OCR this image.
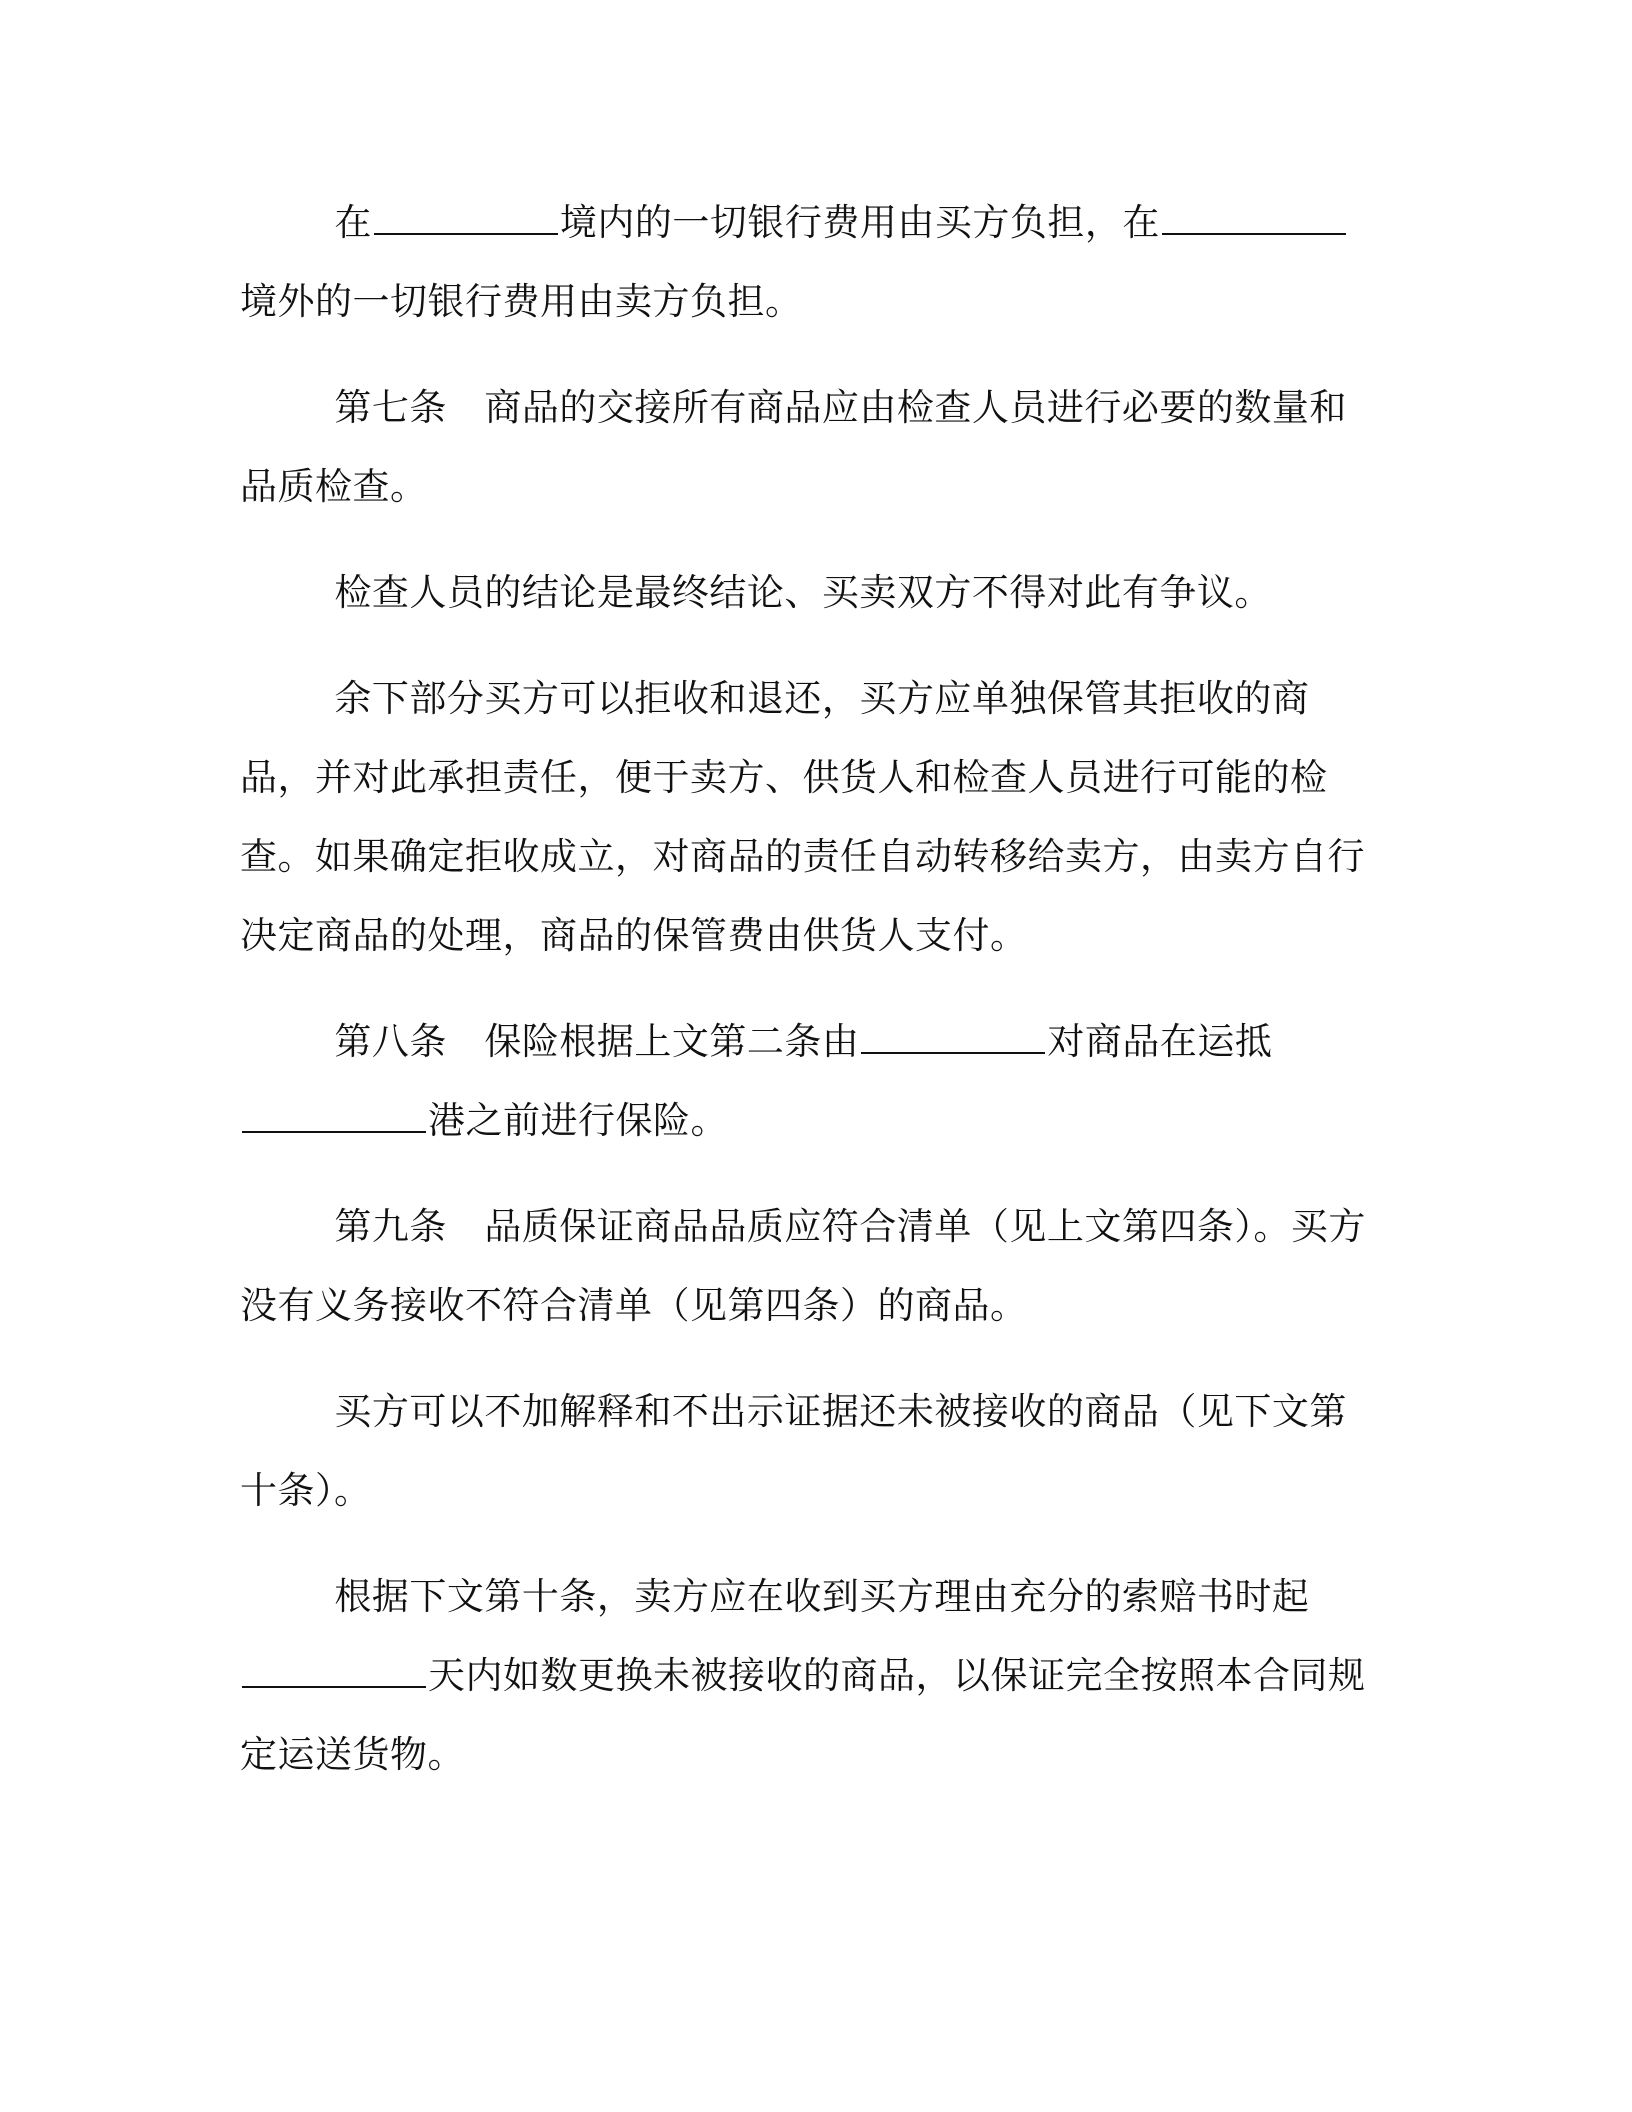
在	境内的一切银行费用由买方负担，在境外的一切银行费用由卖方负担。

第七条　商品的交接所有商品应由检查人员进行必要的数量和品质检查。

检查人员的结论是最终结论、买卖双方不得对此有争议。

余下部分买方可以拒收和退还，买方应单独保管其拒收的商品，并对此承担责任，便于卖方、供货人和检查人员进行可能的检查。如果确定拒收成立，对商品的责任自动转移给卖方，由卖方自行决定商品的处理，商品的保管费由供货人支付。

第八条　保险根据上文第二条由	对商品在运抵港之前进行保险。

第九条　品质保证商品品质应符合清单（见上文第四条）。买方没有义务接收不符合清单（见第四条）的商品。

买方可以不加解释和不出示证据还未被接收的商品（见下文第十条）。

根据下文第十条，卖方应在收到买方理由充分的索赔书时起天内如数更换未被接收的商品，以保证完全按照本合同规定运送货物。
